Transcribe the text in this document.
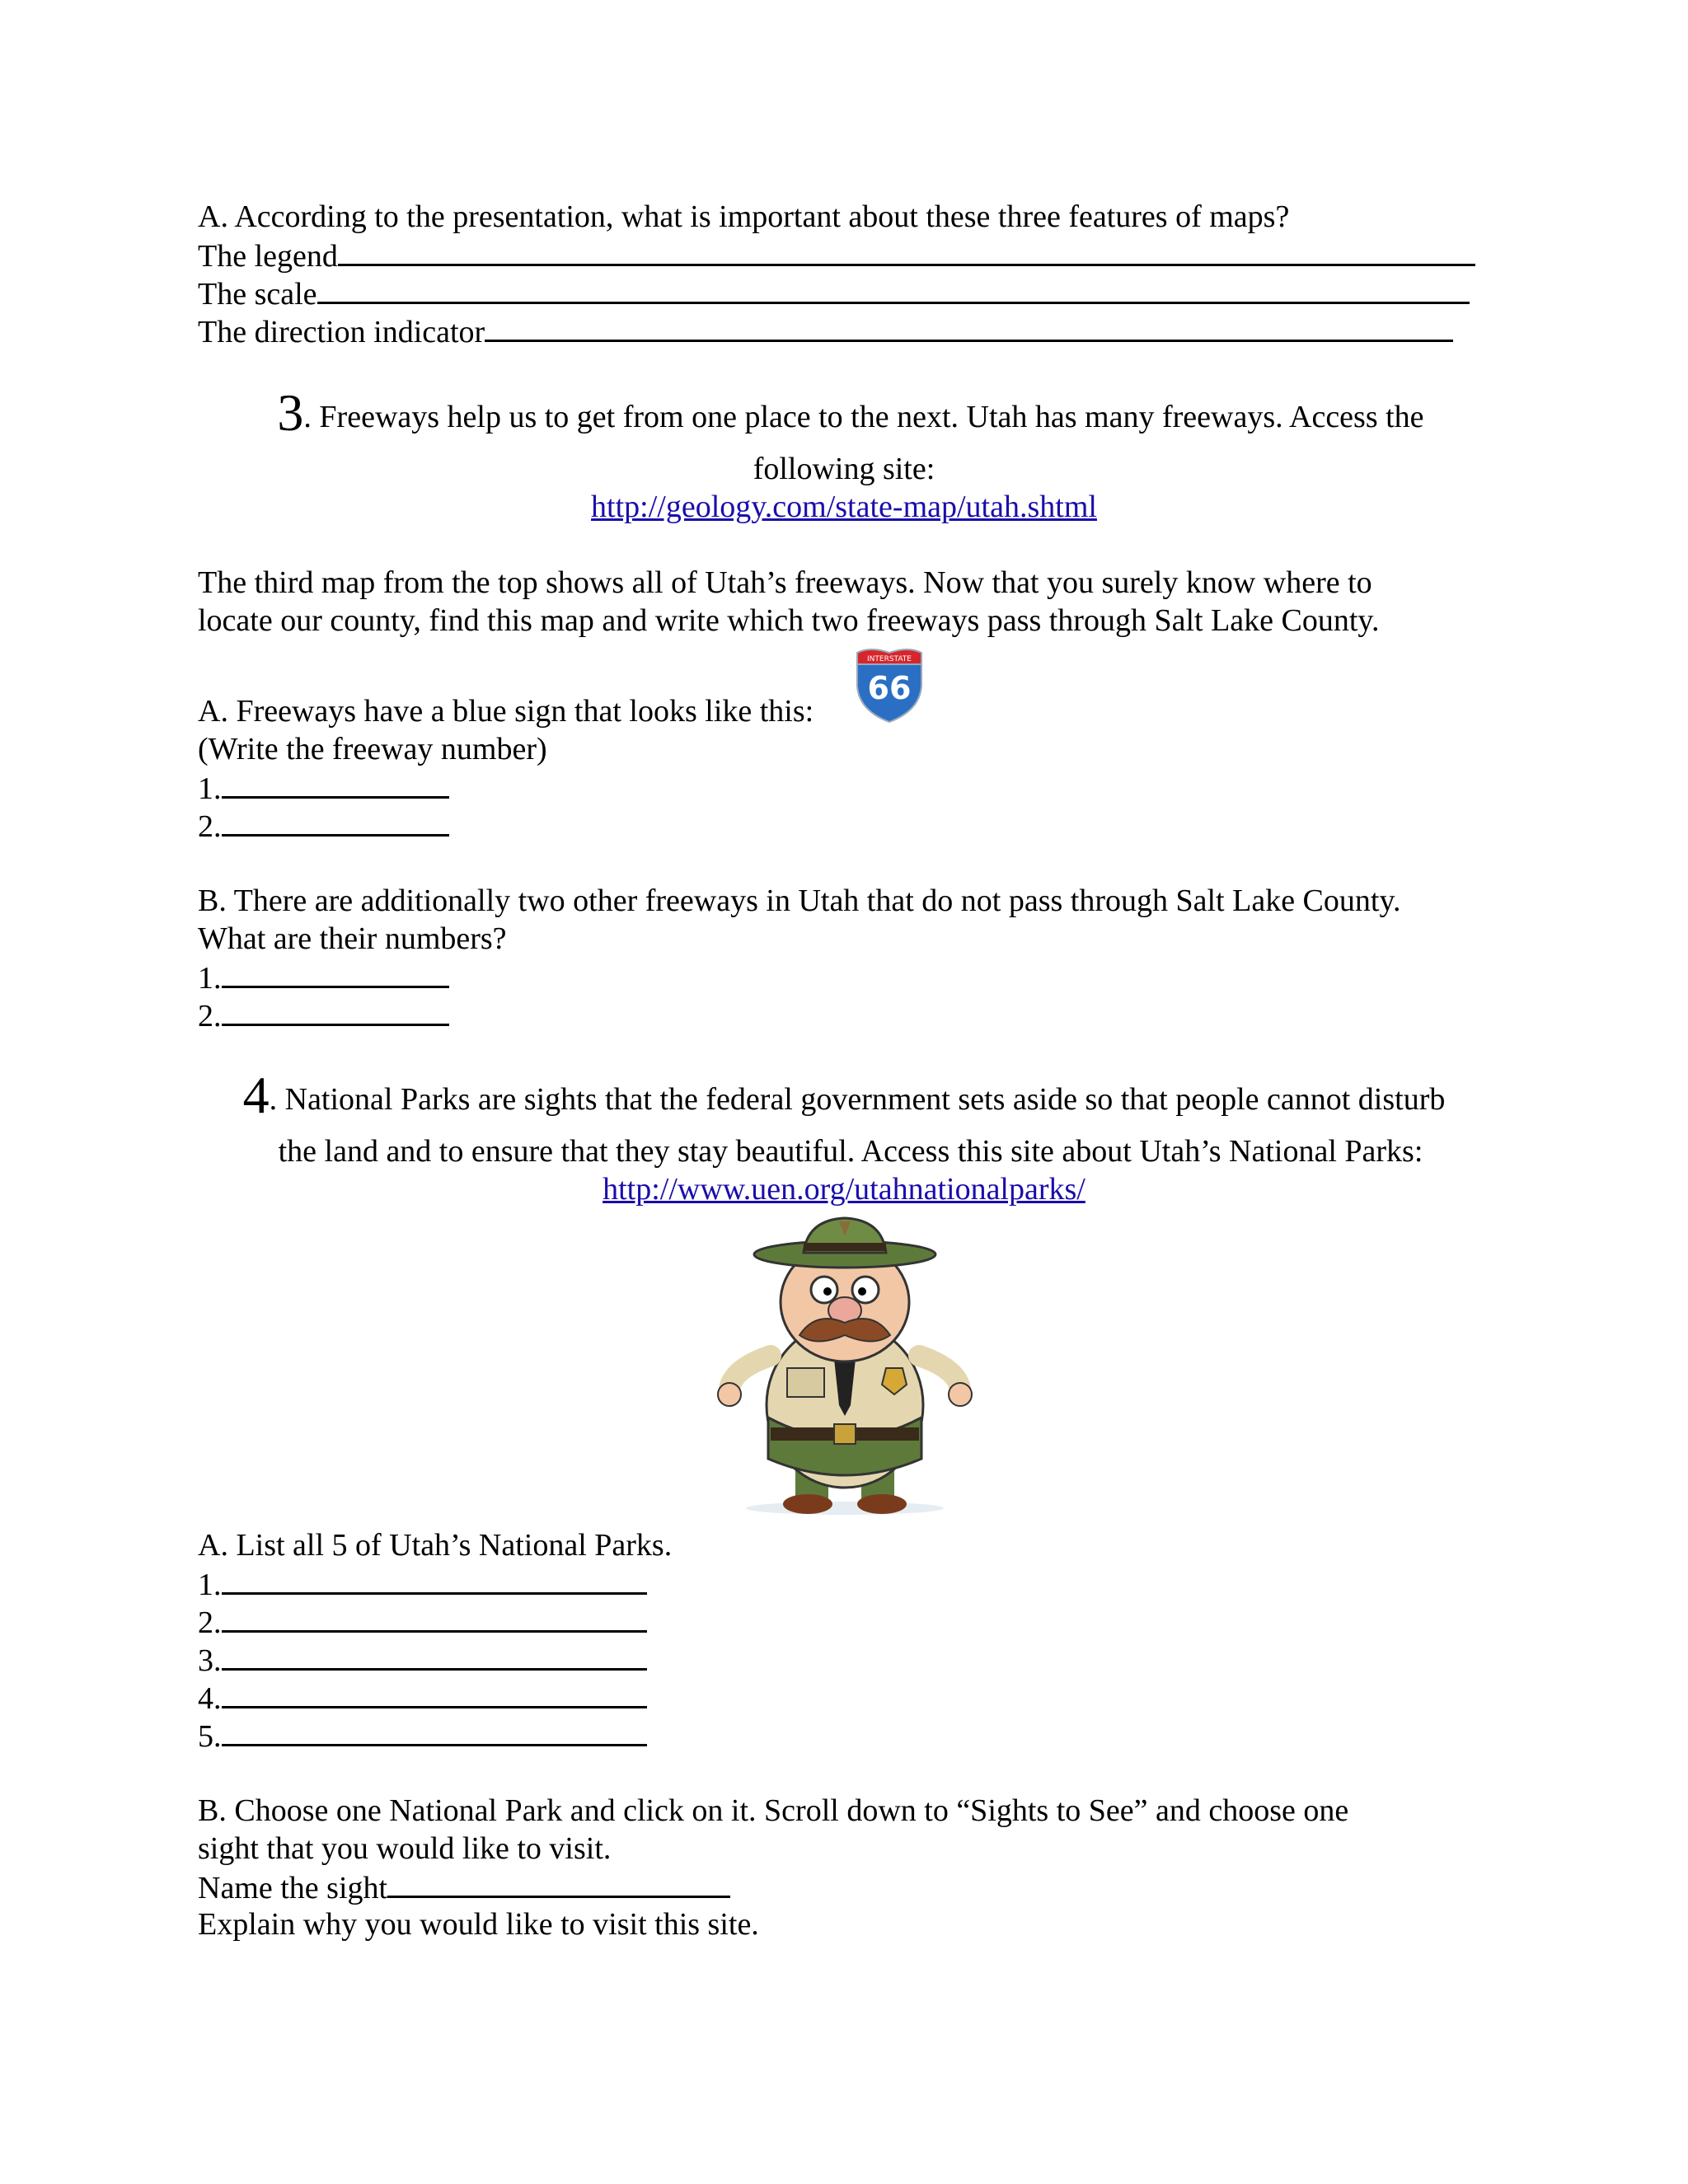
A. According to the presentation, what is important about these three features of maps?
The legend
The scale
The direction indicator
3. Freeways help us to get from one place to the next. Utah has many freeways. Access the
following site:
http://geology.com/state-map/utah.shtml
The third map from the top shows all of Utah’s freeways. Now that you surely know where to
locate our county, find this map and write which two freeways pass through Salt Lake County.
A. Freeways have a blue sign that looks like this:
INTERSTATE
66
(Write the freeway number)
1.
2.
B. There are additionally two other freeways in Utah that do not pass through Salt Lake County.
What are their numbers?
1.
2.
4. National Parks are sights that the federal government sets aside so that people cannot disturb
the land and to ensure that they stay beautiful. Access this site about Utah’s National Parks:
http://www.uen.org/utahnationalparks/
A. List all 5 of Utah’s National Parks.
1.
2.
3.
4.
5.
B. Choose one National Park and click on it. Scroll down to “Sights to See” and choose one
sight that you would like to visit.
Name the sight
Explain why you would like to visit this site.
